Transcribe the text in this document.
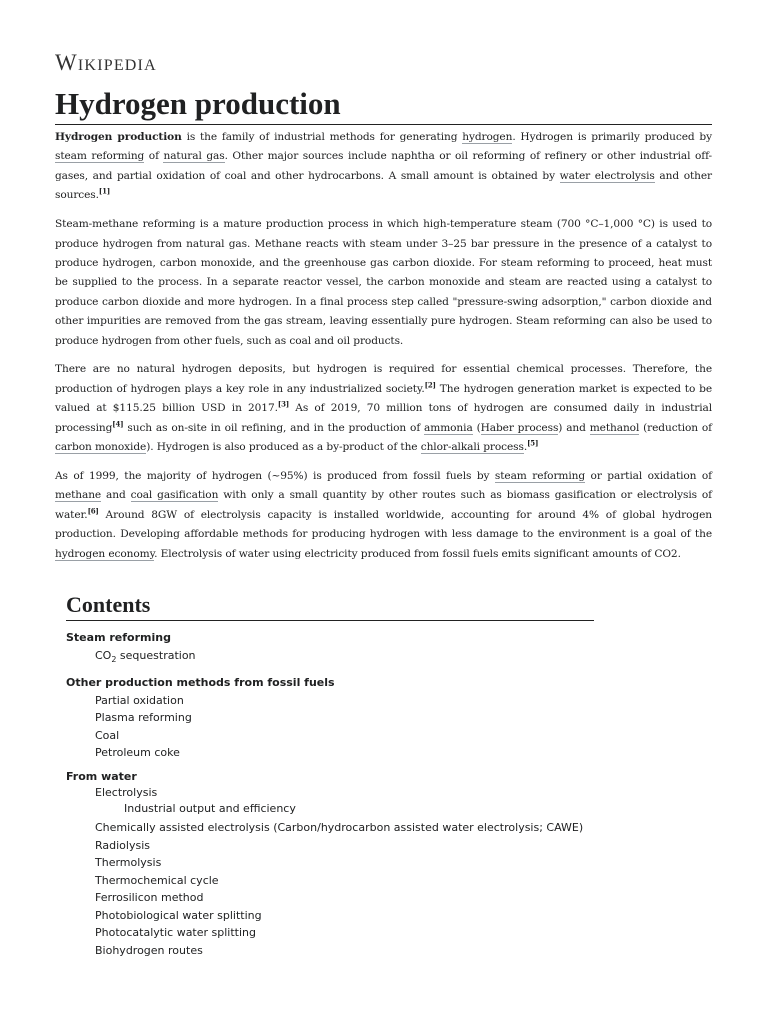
Wikipedia
Hydrogen production

Hydrogen production is the family of industrial methods for generating hydrogen. Hydrogen is primarily produced by steam reforming of natural gas. Other major sources include naphtha or oil reforming of refinery or other industrial off-gases, and partial oxidation of coal and other hydrocarbons. A small amount is obtained by water electrolysis and other sources.[1]

Steam-methane reforming is a mature production process in which high-temperature steam (700 °C–1,000 °C) is used to produce hydrogen from natural gas. Methane reacts with steam under 3–25 bar pressure in the presence of a catalyst to produce hydrogen, carbon monoxide, and the greenhouse gas carbon dioxide. For steam reforming to proceed, heat must be supplied to the process. In a separate reactor vessel, the carbon monoxide and steam are reacted using a catalyst to produce carbon dioxide and more hydrogen. In a final process step called "pressure-swing adsorption," carbon dioxide and other impurities are removed from the gas stream, leaving essentially pure hydrogen. Steam reforming can also be used to produce hydrogen from other fuels, such as coal and oil products.

There are no natural hydrogen deposits, but hydrogen is required for essential chemical processes. Therefore, the production of hydrogen plays a key role in any industrialized society.[2] The hydrogen generation market is expected to be valued at $115.25 billion USD in 2017.[3] As of 2019, 70 million tons of hydrogen are consumed daily in industrial processing[4] such as on-site in oil refining, and in the production of ammonia (Haber process) and methanol (reduction of carbon monoxide). Hydrogen is also produced as a by-product of the chlor-alkali process.[5]

As of 1999, the majority of hydrogen (~95%) is produced from fossil fuels by steam reforming or partial oxidation of methane and coal gasification with only a small quantity by other routes such as biomass gasification or electrolysis of water.[6] Around 8GW of electrolysis capacity is installed worldwide, accounting for around 4% of global hydrogen production. Developing affordable methods for producing hydrogen with less damage to the environment is a goal of the hydrogen economy. Electrolysis of water using electricity produced from fossil fuels emits significant amounts of CO2.

Contents
Steam reforming
$CO_2$ sequestration
Other production methods from fossil fuels
Partial oxidation
Plasma reforming
Coal
Petroleum coke
From water
Electrolysis
Industrial output and efficiency
Chemically assisted electrolysis (Carbon/hydrocarbon assisted water electrolysis; CAWE)
Radiolysis
Thermolysis
Thermochemical cycle
Ferrosilicon method
Photobiological water splitting
Photocatalytic water splitting
Biohydrogen routes
